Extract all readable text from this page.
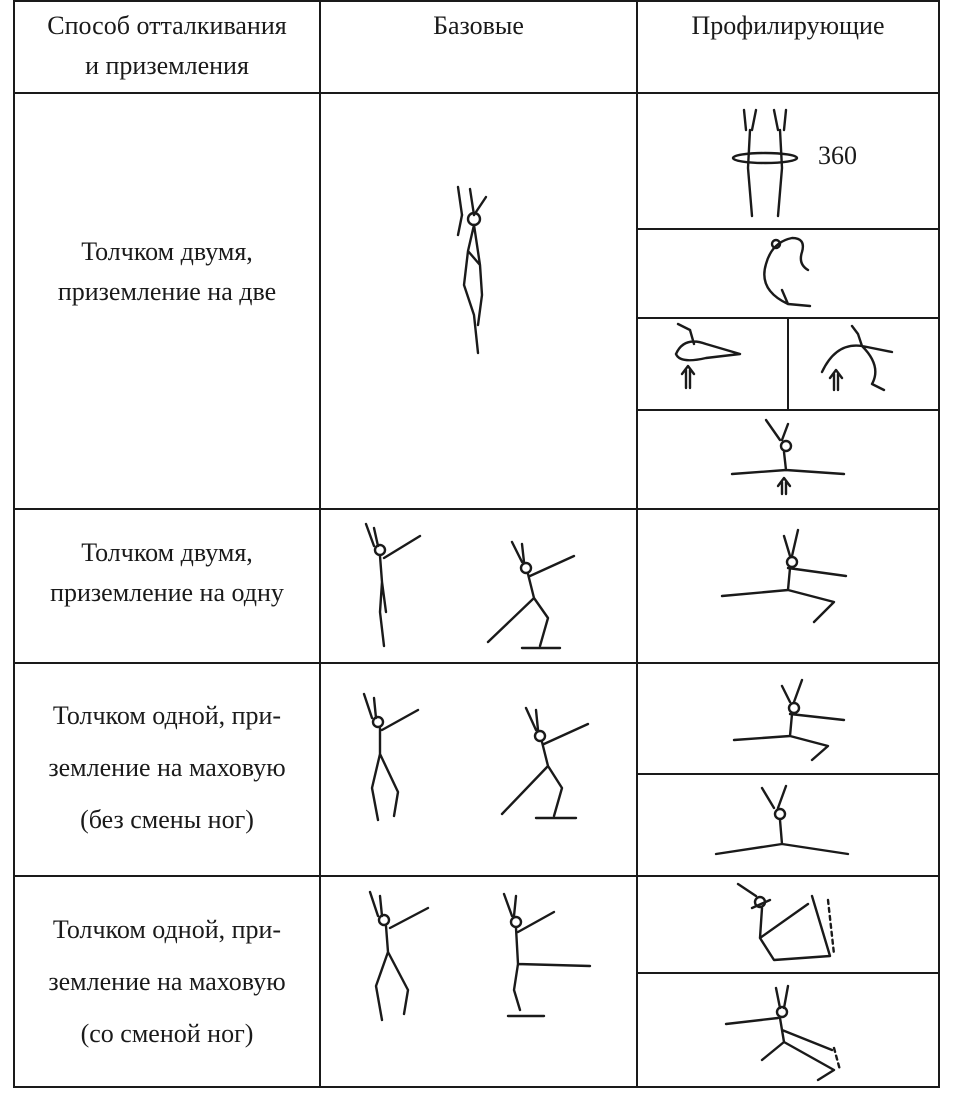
Способ отталкивания
и приземления
Базовые	Профилирующие
Толчком двумя,
приземление на две
Толчком двумя,
приземление на одну
Толчком одной, при-
земление на маховую
(без смены ног)
Толчком одной, при-
земление на маховую
(со сменой ног)
360
